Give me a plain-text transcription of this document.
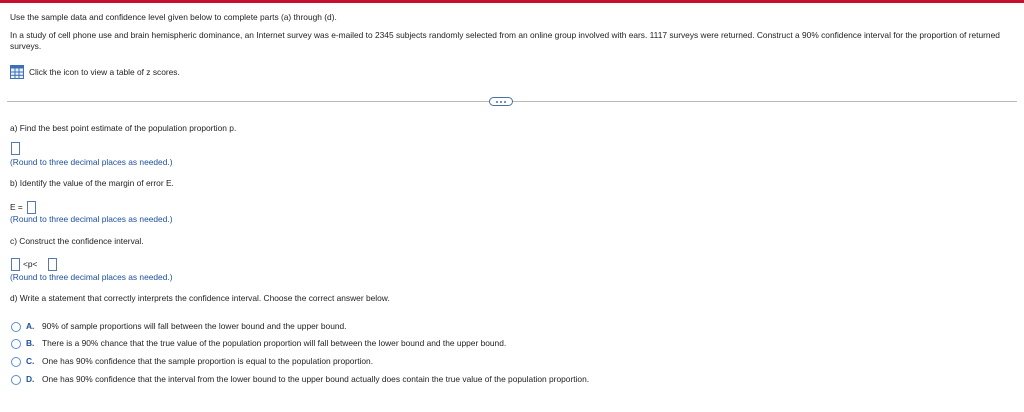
Use the sample data and confidence level given below to complete parts (a) through (d).
In a study of cell phone use and brain hemispheric dominance, an Internet survey was e-mailed to 2345 subjects randomly selected from an online group involved with ears. 1117 surveys were returned. Construct a 90% confidence interval for the proportion of returned surveys.
Click the icon to view a table of z scores.
a) Find the best point estimate of the population proportion p.
(Round to three decimal places as needed.)
b) Identify the value of the margin of error E.
E =
(Round to three decimal places as needed.)
c) Construct the confidence interval.
<p<
(Round to three decimal places as needed.)
d) Write a statement that correctly interprets the confidence interval. Choose the correct answer below.
A. 90% of sample proportions will fall between the lower bound and the upper bound.
B. There is a 90% chance that the true value of the population proportion will fall between the lower bound and the upper bound.
C. One has 90% confidence that the sample proportion is equal to the population proportion.
D. One has 90% confidence that the interval from the lower bound to the upper bound actually does contain the true value of the population proportion.
